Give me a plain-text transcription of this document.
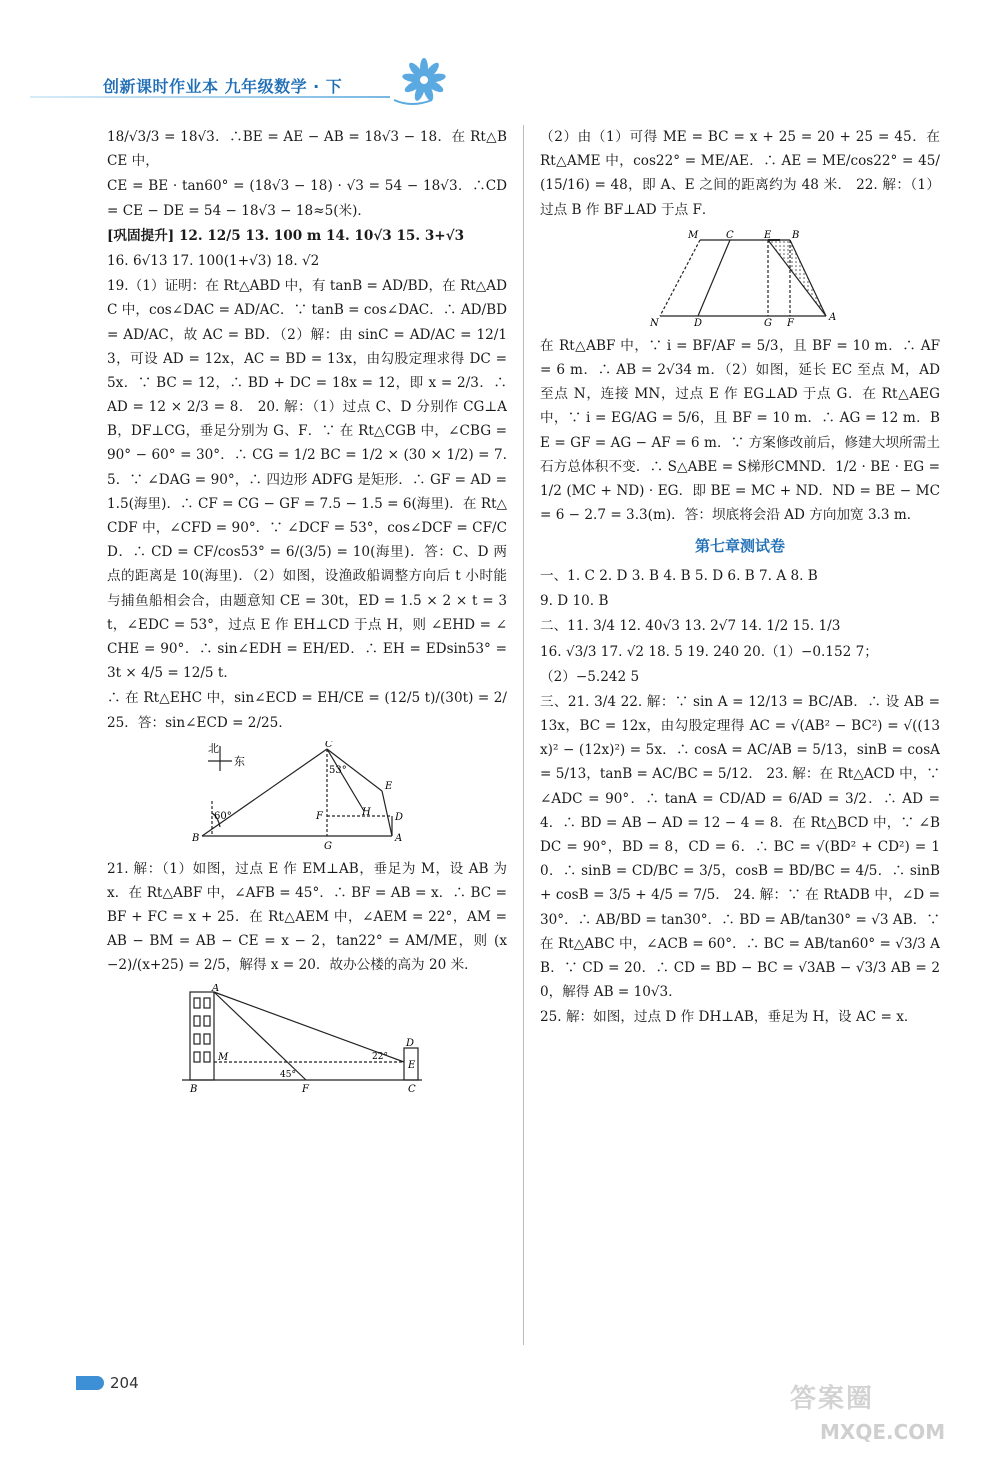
创新课时作业本 九年级数学 · 下

18/√3/3 = 18√3．∴BE = AE − AB = 18√3 − 18．在 Rt△BCE 中，

CE = BE · tan60° = (18√3 − 18) · √3 = 54 − 18√3．∴CD = CE − DE = 54 − 18√3 − 18≈5(米)．

[巩固提升] 12. 12/5 13. 100 m 14. 10√3 15. 3+√3

16. 6√13 17. 100(1+√3) 18. √2

19.（1）证明：在 Rt△ABD 中，有 tanB = AD/BD，在 Rt△ADC 中，cos∠DAC = AD/AC．∵ tanB = cos∠DAC．∴ AD/BD = AD/AC，故 AC = BD．（2）解：由 sinC = AD/AC = 12/13，可设 AD = 12x，AC = BD = 13x，由勾股定理求得 DC = 5x．∵ BC = 12，∴ BD + DC = 18x = 12，即 x = 2/3．∴ AD = 12 × 2/3 = 8． 20. 解：（1）过点 C、D 分别作 CG⊥AB，DF⊥CG，垂足分别为 G、F．∵ 在 Rt△CGB 中，∠CBG = 90° − 60° = 30°．∴ CG = 1/2 BC = 1/2 × (30 × 1/2) = 7.5．∵ ∠DAG = 90°，∴ 四边形 ADFG 是矩形．∴ GF = AD = 1.5(海里)．∴ CF = CG − GF = 7.5 − 1.5 = 6(海里)．在 Rt△CDF 中，∠CFD = 90°．∵ ∠DCF = 53°，cos∠DCF = CF/CD．∴ CD = CF/cos53° = 6/(3/5) = 10(海里)．答：C、D 两点的距离是 10(海里)．（2）如图，设渔政船调整方向后 t 小时能与捕鱼船相会合，由题意知 CE = 30t，ED = 1.5 × 2 × t = 3t，∠EDC = 53°，过点 E 作 EH⊥CD 于点 H，则 ∠EHD = ∠CHE = 90°．∴ sin∠EDH = EH/ED．∴ EH = EDsin53° = 3t × 4/5 = 12/5 t．

∴ 在 Rt△EHC 中，sin∠ECD = EH/CE = (12/5 t)/(30t) = 2/25．答：sin∠ECD = 2/25．

北
东
60°
53°
B
C
E
F	H D
G
A

21. 解：（1）如图，过点 E 作 EM⊥AB，垂足为 M，设 AB 为 x．在 Rt△ABF 中，∠AFB = 45°．∴ BF = AB = x．∴ BC = BF + FC = x + 25．在 Rt△AEM 中，∠AEM = 22°，AM = AB − BM = AB − CE = x − 2，tan22° = AM/ME，则 (x−2)/(x+25) = 2/5，解得 x = 20．故办公楼的高为 20 米．

A
M
B	F	C
D
E
45°
22°

（2）由（1）可得 ME = BC = x + 25 = 20 + 25 = 45．在 Rt△AME 中，cos22° = ME/AE．∴ AE = ME/cos22° = 45/(15/16) = 48，即 A、E 之间的距离约为 48 米． 22. 解：（1）过点 B 作 BF⊥AD 于点 F．

M	C	E B
N	D	G F
A

在 Rt△ABF 中，∵ i = BF/AF = 5/3，且 BF = 10 m．∴ AF = 6 m．∴ AB = 2√34 m．（2）如图，延长 EC 至点 M，AD 至点 N，连接 MN，过点 E 作 EG⊥AD 于点 G．在 Rt△AEG 中，∵ i = EG/AG = 5/6，且 BF = 10 m．∴ AG = 12 m．BE = GF = AG − AF = 6 m．∵ 方案修改前后，修建大坝所需土石方总体积不变．∴ S△ABE = S梯形CMND．1/2 · BE · EG = 1/2 (MC + ND) · EG．即 BE = MC + ND．ND = BE − MC = 6 − 2.7 = 3.3(m)．答：坝底将会沿 AD 方向加宽 3.3 m．

第七章测试卷

一、1. C 2. D 3. B 4. B 5. D 6. B 7. A 8. B

9. D 10. B

二、11. 3/4 12. 40√3 13. 2√7 14. 1/2 15. 1/3

16. √3/3 17. √2 18. 5 19. 240 20.（1）−0.152 7；

（2）−5.242 5

三、21. 3/4 22. 解：∵ sin A = 12/13 = BC/AB．∴ 设 AB = 13x，BC = 12x，由勾股定理得 AC = √(AB² − BC²) = √((13x)² − (12x)²) = 5x．∴ cosA = AC/AB = 5/13，sinB = cosA = 5/13，tanB = AC/BC = 5/12． 23. 解：在 Rt△ACD 中，∵ ∠ADC = 90°．∴ tanA = CD/AD = 6/AD = 3/2．∴ AD = 4．∴ BD = AB − AD = 12 − 4 = 8．在 Rt△BCD 中，∵ ∠BDC = 90°，BD = 8，CD = 6．∴ BC = √(BD² + CD²) = 10．∴ sinB = CD/BC = 3/5，cosB = BD/BC = 4/5．∴ sinB + cosB = 3/5 + 4/5 = 7/5． 24. 解：∵ 在 RtADB 中，∠D = 30°．∴ AB/BD = tan30°．∴ BD = AB/tan30° = √3 AB．∵ 在 Rt△ABC 中，∠ACB = 60°．∴ BC = AB/tan60° = √3/3 AB．∵ CD = 20．∴ CD = BD − BC = √3AB − √3/3 AB = 20，解得 AB = 10√3．

25. 解：如图，过点 D 作 DH⊥AB，垂足为 H，设 AC = x．

204
答案圈
MXQE.COM
